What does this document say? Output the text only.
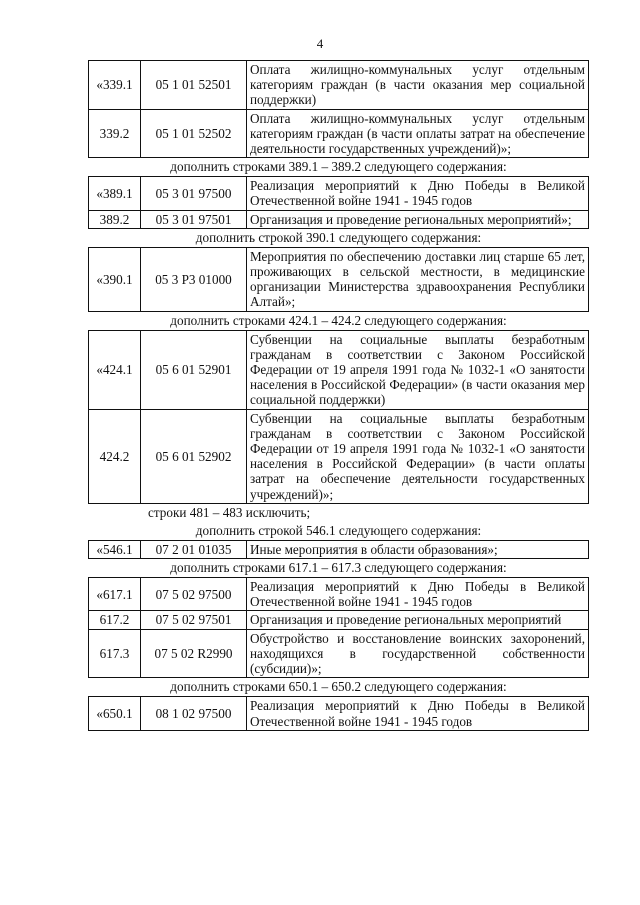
4
«339.1	05 1 01 52501	Оплата жилищно-коммунальных услуг отдельным категориям граждан (в части оказания мер социальной поддержки)
339.2	05 1 01 52502	Оплата жилищно-коммунальных услуг отдельным категориям граждан (в части оплаты затрат на обеспечение деятельности государственных учреждений)»;
дополнить строками 389.1 – 389.2 следующего содержания:
«389.1	05 3 01 97500	Реализация мероприятий к Дню Победы в Великой Отечественной войне 1941 - 1945 годов
389.2	05 3 01 97501	Организация и проведение региональных мероприятий»;
дополнить строкой 390.1 следующего содержания:
«390.1	05 3 P3 01000	Мероприятия по обеспечению доставки лиц старше 65 лет, проживающих в сельской местности, в медицинские организации Министерства здравоохранения Республики Алтай»;
дополнить строками 424.1 – 424.2 следующего содержания:
«424.1	05 6 01 52901	Субвенции на социальные выплаты безработным гражданам в соответствии с Законом Российской Федерации от 19 апреля 1991 года № 1032-1 «О занятости населения в Российской Федерации» (в части оказания мер социальной поддержки)
424.2	05 6 01 52902	Субвенции на социальные выплаты безработным гражданам в соответствии с Законом Российской Федерации от 19 апреля 1991 года № 1032-1 «О занятости населения в Российской Федерации» (в части оплаты затрат на обеспечение деятельности государственных учреждений)»;
строки 481 – 483 исключить;
дополнить строкой 546.1 следующего содержания:
«546.1	07 2 01 01035	Иные мероприятия в области образования»;
дополнить строками 617.1 – 617.3 следующего содержания:
«617.1	07 5 02 97500	Реализация мероприятий к Дню Победы в Великой Отечественной войне 1941 - 1945 годов
617.2	07 5 02 97501	Организация и проведение региональных мероприятий
617.3	07 5 02 R2990	Обустройство и восстановление воинских захоронений, находящихся в государственной собственности (субсидии)»;
дополнить строками 650.1 – 650.2 следующего содержания:
«650.1	08 1 02 97500	Реализация мероприятий к Дню Победы в Великой Отечественной войне 1941 - 1945 годов
